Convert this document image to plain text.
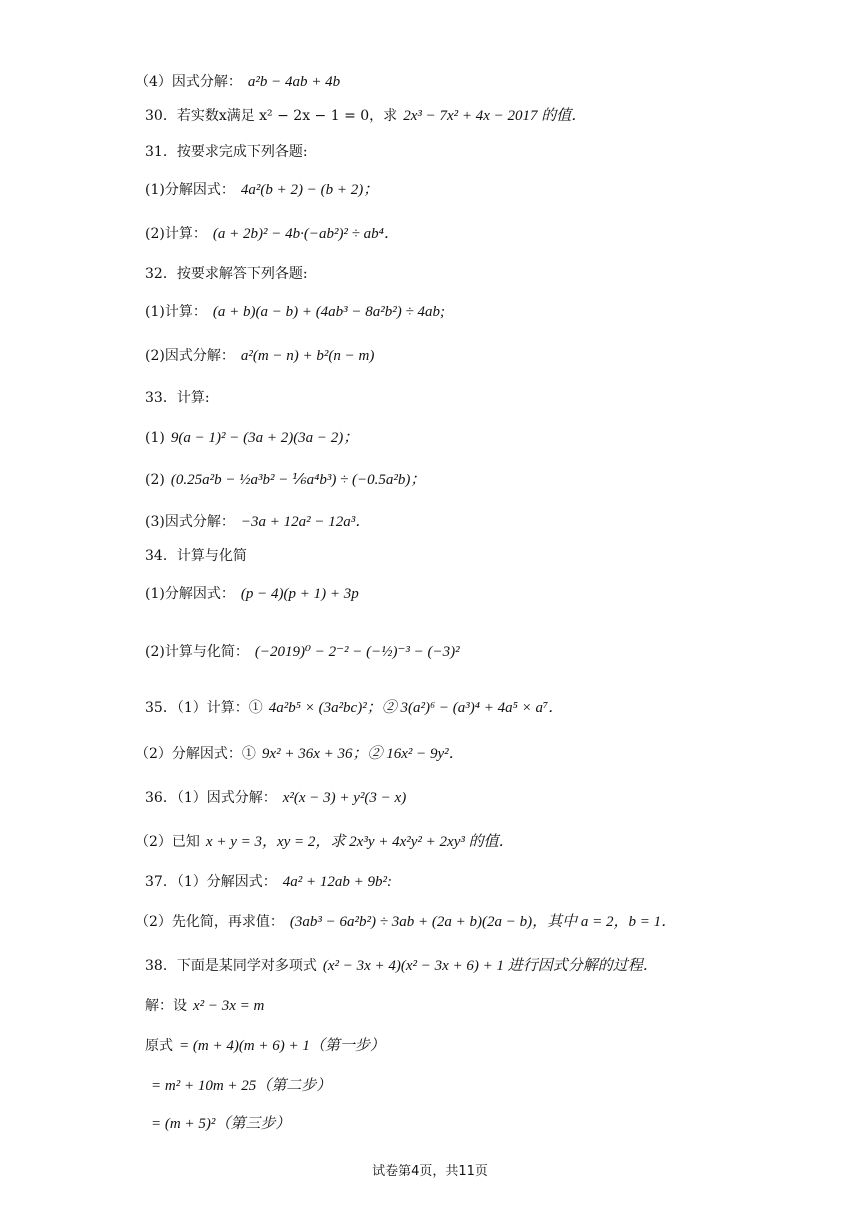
（4）因式分解： a²b − 4ab + 4b
30．若实数x满足 x² − 2x − 1 = 0，求 2x³ − 7x² + 4x − 2017 的值．
31．按要求完成下列各题:
(1)分解因式： 4a²(b + 2) − (b + 2)；
(2)计算： (a + 2b)² − 4b·(−ab²)² ÷ ab⁴．
32．按要求解答下列各题:
(1)计算： (a + b)(a − b) + (4ab³ − 8a²b²) ÷ 4ab;
(2)因式分解： a²(m − n) + b²(n − m)
33．计算:
(1) 9(a − 1)² − (3a + 2)(3a − 2)；
(2) (0.25a²b − ½a³b² − ⅙a⁴b³) ÷ (−0.5a²b)；
(3)因式分解： −3a + 12a² − 12a³．
34．计算与化简
(1)分解因式： (p − 4)(p + 1) + 3p
(2)计算与化简： (−2019)⁰ − 2⁻² − (−½)⁻³ − (−3)²
35．（1）计算：① 4a²b⁵ × (3a²bc)²；② 3(a²)⁶ − (a³)⁴ + 4a⁵ × a⁷．
（2）分解因式：① 9x² + 36x + 36；② 16x² − 9y²．
36．（1）因式分解： x²(x − 3) + y²(3 − x)
（2）已知 x + y = 3，xy = 2，求 2x³y + 4x²y² + 2xy³ 的值．
37．（1）分解因式： 4a² + 12ab + 9b²:
（2）先化简，再求值： (3ab³ − 6a²b²) ÷ 3ab + (2a + b)(2a − b)，其中 a = 2，b = 1．
38．下面是某同学对多项式 (x² − 3x + 4)(x² − 3x + 6) + 1 进行因式分解的过程．
解：设 x² − 3x = m
原式 = (m + 4)(m + 6) + 1（第一步）
= m² + 10m + 25（第二步）
= (m + 5)²（第三步）
试卷第4页，共11页
